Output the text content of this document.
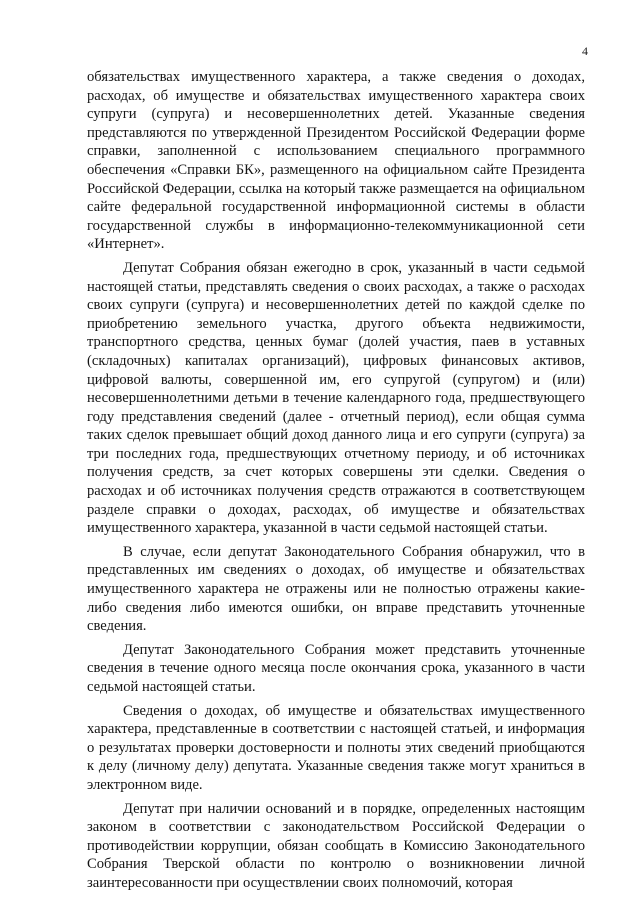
4

обязательствах имущественного характера, а также сведения о доходах, расходах, об имуществе и обязательствах имущественного характера своих супруги (супруга) и несовершеннолетних детей. Указанные сведения представляются по утвержденной Президентом Российской Федерации форме справки, заполненной с использованием специального программного обеспечения «Справки БК», размещенного на официальном сайте Президента Российской Федерации, ссылка на который также размещается на официальном сайте федеральной государственной информационной системы в области государственной службы в информационно-телекоммуникационной сети «Интернет».

Депутат Собрания обязан ежегодно в срок, указанный в части седьмой настоящей статьи, представлять сведения о своих расходах, а также о расходах своих супруги (супруга) и несовершеннолетних детей по каждой сделке по приобретению земельного участка, другого объекта недвижимости, транспортного средства, ценных бумаг (долей участия, паев в уставных (складочных) капиталах организаций), цифровых финансовых активов, цифровой валюты, совершенной им, его супругой (супругом) и (или) несовершеннолетними детьми в течение календарного года, предшествующего году представления сведений (далее - отчетный период), если общая сумма таких сделок превышает общий доход данного лица и его супруги (супруга) за три последних года, предшествующих отчетному периоду, и об источниках получения средств, за счет которых совершены эти сделки. Сведения о расходах и об источниках получения средств отражаются в соответствующем разделе справки о доходах, расходах, об имуществе и обязательствах имущественного характера, указанной в части седьмой настоящей статьи.

В случае, если депутат Законодательного Собрания обнаружил, что в представленных им сведениях о доходах, об имуществе и обязательствах имущественного характера не отражены или не полностью отражены какие-либо сведения либо имеются ошибки, он вправе представить уточненные сведения.

Депутат Законодательного Собрания может представить уточненные сведения в течение одного месяца после окончания срока, указанного в части седьмой настоящей статьи.

Сведения о доходах, об имуществе и обязательствах имущественного характера, представленные в соответствии с настоящей статьей, и информация о результатах проверки достоверности и полноты этих сведений приобщаются к делу (личному делу) депутата. Указанные сведения также могут храниться в электронном виде.

Депутат при наличии оснований и в порядке, определенных настоящим законом в соответствии с законодательством Российской Федерации о противодействии коррупции, обязан сообщать в Комиссию Законодательного Собрания Тверской области по контролю о возникновении личной заинтересованности при осуществлении своих полномочий, которая
